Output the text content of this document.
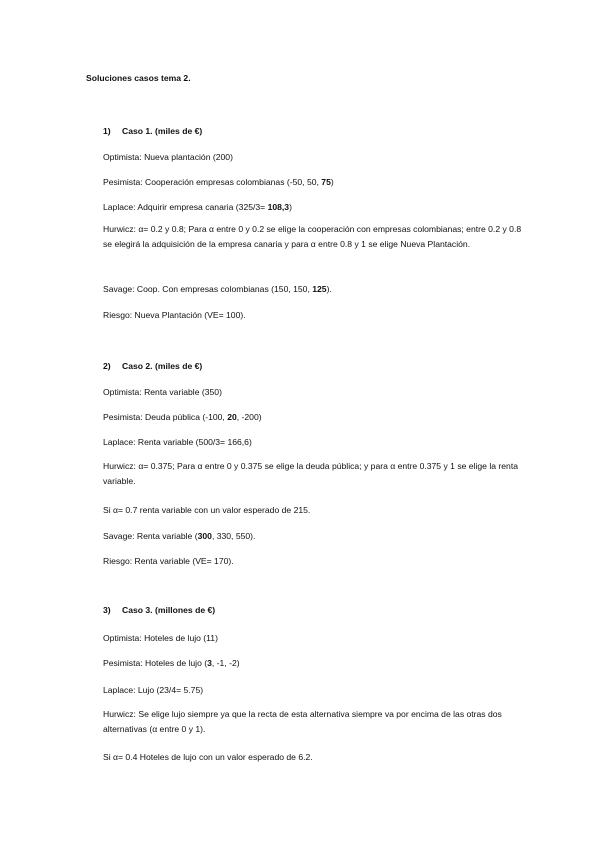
Soluciones casos tema 2.
1) Caso 1. (miles de €)
Optimista: Nueva plantación (200)
Pesimista: Cooperación empresas colombianas (-50, 50, 75)
Laplace: Adquirir empresa canaria (325/3= 108,3)
Hurwicz: α= 0.2 y 0.8; Para α entre 0 y 0.2 se elige la cooperación con empresas colombianas; entre 0.2 y 0.8 se elegirá la adquisición de la empresa canaria y para α entre 0.8 y 1 se elige Nueva Plantación.
Savage: Coop. Con empresas colombianas (150, 150, 125).
Riesgo: Nueva Plantación (VE= 100).
2) Caso 2. (miles de €)
Optimista: Renta variable (350)
Pesimista: Deuda pública (-100, 20, -200)
Laplace: Renta variable (500/3= 166,6)
Hurwicz: α= 0.375; Para α entre 0 y 0.375 se elige la deuda pública; y para α entre 0.375 y 1 se elige la renta variable.
Si α= 0.7 renta variable con un valor esperado de 215.
Savage: Renta variable (300, 330, 550).
Riesgo: Renta variable (VE= 170).
3) Caso 3. (millones de €)
Optimista: Hoteles de lujo (11)
Pesimista: Hoteles de lujo (3, -1, -2)
Laplace: Lujo (23/4= 5.75)
Hurwicz: Se elige lujo siempre ya que la recta de esta alternativa siempre va por encima de las otras dos alternativas (α entre 0 y 1).
Si α= 0.4 Hoteles de lujo con un valor esperado de 6.2.
